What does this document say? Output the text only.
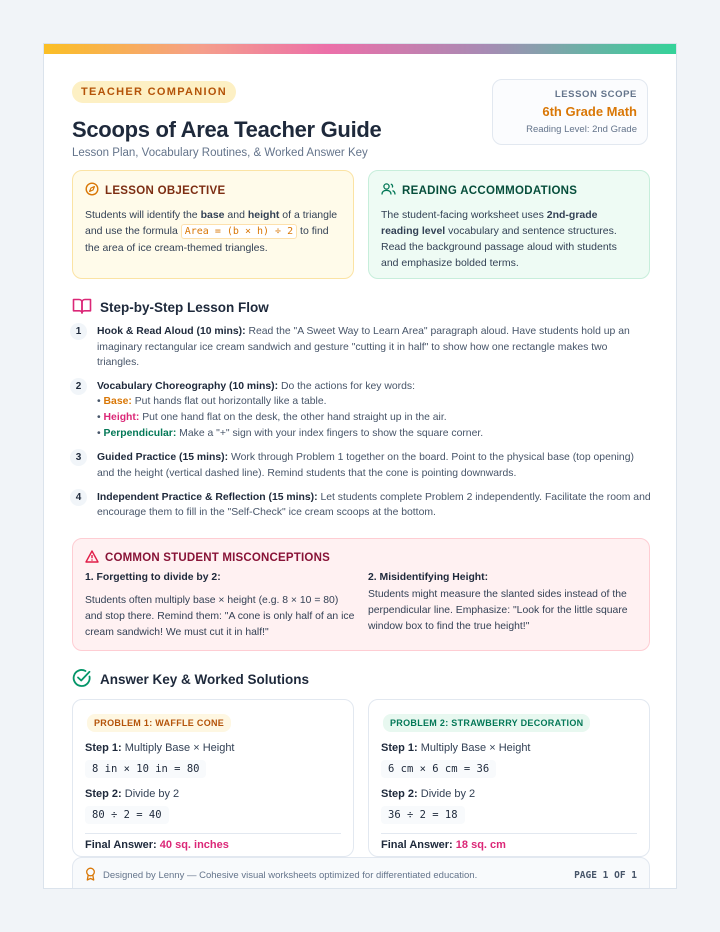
TEACHER COMPANION
Scoops of Area Teacher Guide
Lesson Plan, Vocabulary Routines, & Worked Answer Key
LESSON SCOPE
6th Grade Math
Reading Level: 2nd Grade
LESSON OBJECTIVE

Students will identify the base and height of a triangle and use the formula Area = (b × h) ÷ 2 to find the area of ice cream-themed triangles.

READING ACCOMMODATIONS

The student-facing worksheet uses 2nd-grade reading level vocabulary and sentence structures. Read the background passage aloud with students and emphasize bolded terms.

Step-by-Step Lesson Flow
1	Hook & Read Aloud (10 mins): Read the "A Sweet Way to Learn Area" paragraph aloud. Have students hold up an imaginary rectangular ice cream sandwich and gesture "cutting it in half" to show how one rectangle makes two triangles.
2	Vocabulary Choreography (10 mins): Do the actions for key words:
• Base: Put hands flat out horizontally like a table.
• Height: Put one hand flat on the desk, the other hand straight up in the air.
• Perpendicular: Make a "+" sign with your index fingers to show the square corner.
3	Guided Practice (15 mins): Work through Problem 1 together on the board. Point to the physical base (top opening) and the height (vertical dashed line). Remind students that the cone is pointing downwards.
4	Independent Practice & Reflection (15 mins): Let students complete Problem 2 independently. Facilitate the room and encourage them to fill in the "Self-Check" ice cream scoops at the bottom.
COMMON STUDENT MISCONCEPTIONS
1. Forgetting to divide by 2:

Students often multiply base × height (e.g. 8 × 10 = 80) and stop there. Remind them: "A cone is only half of an ice cream sandwich! We must cut it in half!"

2. Misidentifying Height:

Students might measure the slanted sides instead of the perpendicular line. Emphasize: "Look for the little square window box to find the true height!"

Answer Key & Worked Solutions
PROBLEM 1: WAFFLE CONE
Step 1: Multiply Base × Height
8 in × 10 in = 80
Step 2: Divide by 2
80 ÷ 2 = 40
Final Answer: 40 sq. inches
PROBLEM 2: STRAWBERRY DECORATION
Step 1: Multiply Base × Height
6 cm × 6 cm = 36
Step 2: Divide by 2
36 ÷ 2 = 18
Final Answer: 18 sq. cm
Designed by Lenny — Cohesive visual worksheets optimized for differentiated education.	PAGE 1 OF 1
